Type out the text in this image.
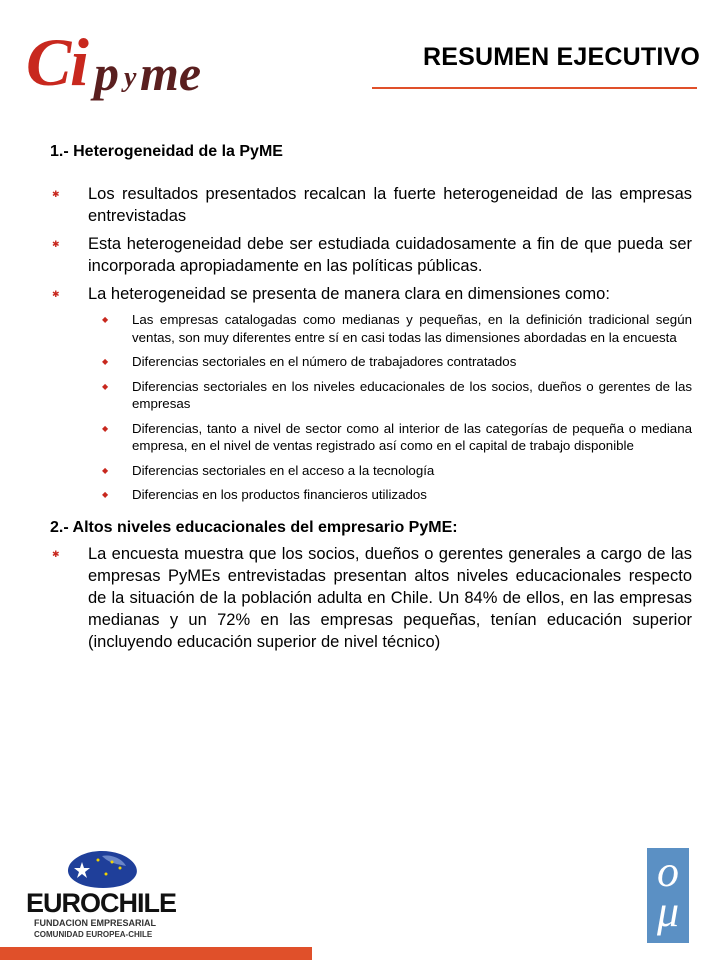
C
i p y me	RESUMEN EJECUTIVO
1.- Heterogeneidad de la PyME
✱ Los resultados presentados recalcan la fuerte heterogeneidad de las empresas entrevistadas
✱ Esta heterogeneidad debe ser estudiada cuidadosamente a fin de que pueda ser incorporada apropiadamente en las políticas públicas.
✱ La heterogeneidad se presenta de manera clara en dimensiones como:
◆ Las empresas catalogadas como medianas y pequeñas, en la definición tradicional según ventas, son muy diferentes entre sí en casi todas las dimensiones abordadas en la encuesta
◆ Diferencias sectoriales en el número de trabajadores contratados
◆ Diferencias sectoriales en los niveles educacionales de los socios, dueños o gerentes de las empresas
◆ Diferencias, tanto a nivel de sector como al interior de las categorías de pequeña o mediana empresa, en el nivel de ventas registrado así como en el capital de trabajo disponible
◆ Diferencias sectoriales en el acceso a la tecnología
◆ Diferencias en los productos financieros utilizados
2.- Altos niveles educacionales del empresario PyME:
✱ La encuesta muestra que los socios, dueños o gerentes generales a cargo de las empresas PyMEs entrevistadas presentan altos niveles educacionales respecto de la situación de la población adulta en Chile. Un 84% de ellos, en las empresas medianas y un 72% en las empresas pequeñas, tenían educación superior (incluyendo educación superior de nivel técnico)
EUROCHILE
FUNDACION EMPRESARIAL
COMUNIDAD EUROPEA-CHILE
o
μ
